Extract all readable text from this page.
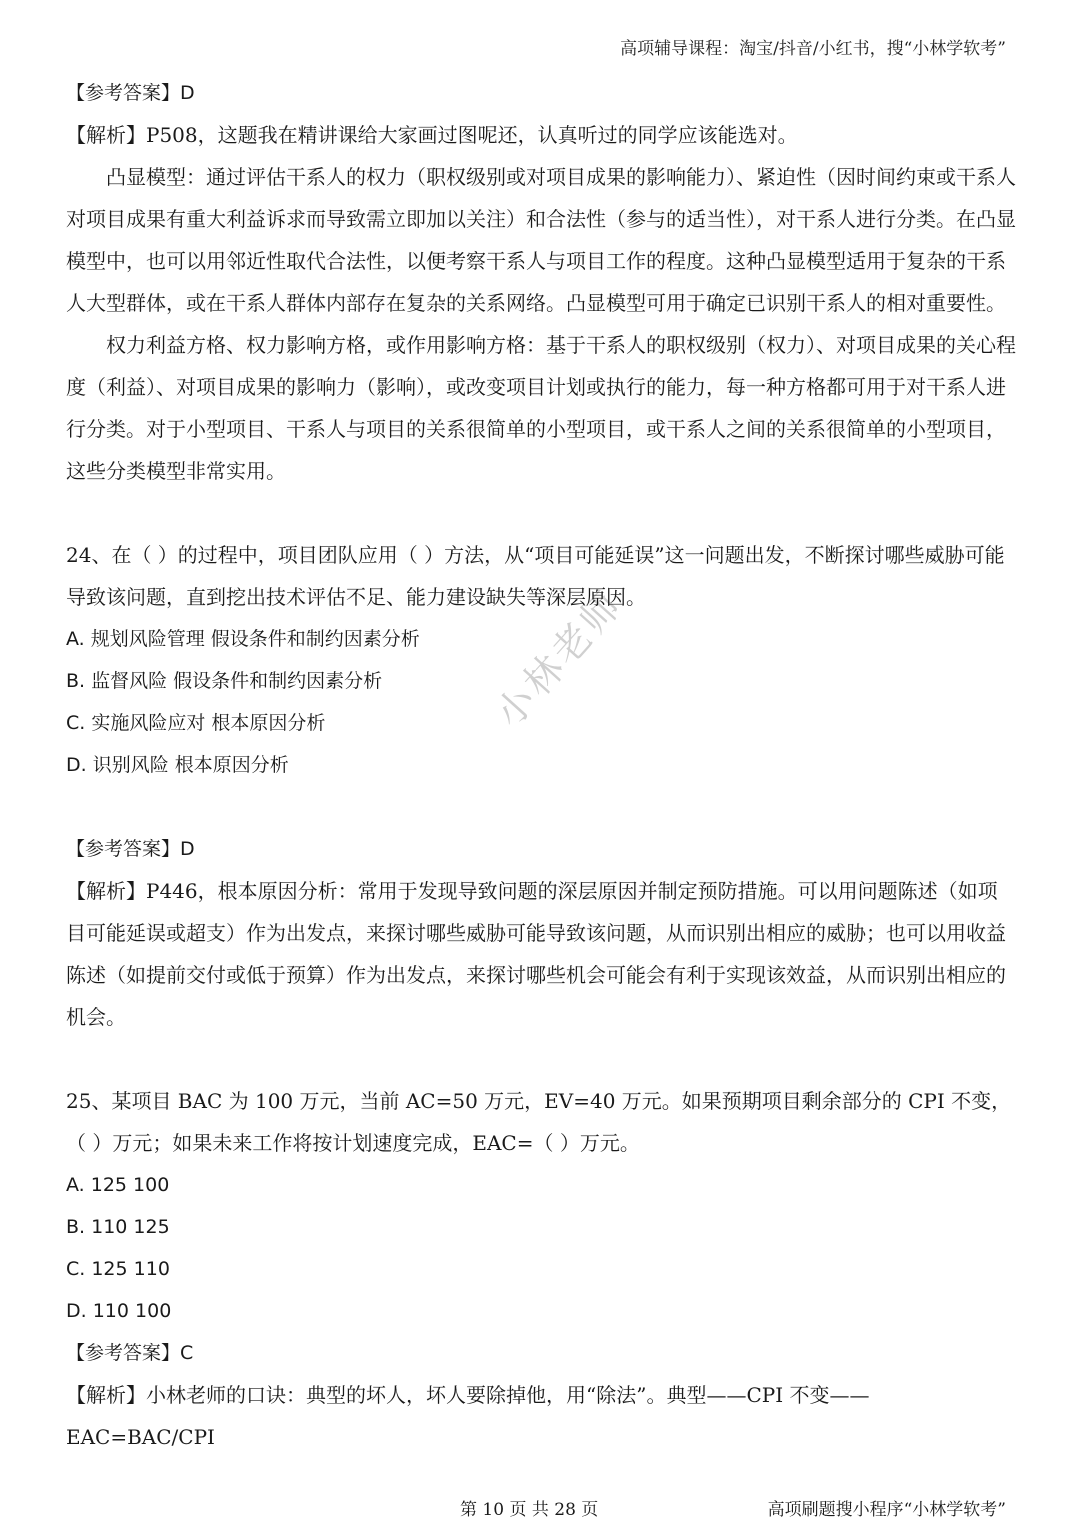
高项辅导课程：淘宝/抖音/小红书，搜“小林学软考”
小林老师

【参考答案】D

【解析】P508，这题我在精讲课给大家画过图呢还，认真听过的同学应该能选对。

凸显模型：通过评估干系人的权力（职权级别或对项目成果的影响能力）、紧迫性（因时间约束或干系人对项目成果有重大利益诉求而导致需立即加以关注）和合法性（参与的适当性），对干系人进行分类。在凸显模型中，也可以用邻近性取代合法性，以便考察干系人与项目工作的程度。这种凸显模型适用于复杂的干系人大型群体，或在干系人群体内部存在复杂的关系网络。凸显模型可用于确定已识别干系人的相对重要性。

权力利益方格、权力影响方格，或作用影响方格：基于干系人的职权级别（权力）、对项目成果的关心程度（利益）、对项目成果的影响力（影响），或改变项目计划或执行的能力，每一种方格都可用于对干系人进行分类。对于小型项目、干系人与项目的关系很简单的小型项目，或干系人之间的关系很简单的小型项目，这些分类模型非常实用。

24、在（ ）的过程中，项目团队应用（ ）方法，从“项目可能延误”这一问题出发，不断探讨哪些威胁可能导致该问题，直到挖出技术评估不足、能力建设缺失等深层原因。

A. 规划风险管理 假设条件和制约因素分析

B. 监督风险 假设条件和制约因素分析

C. 实施风险应对 根本原因分析

D. 识别风险 根本原因分析

【参考答案】D

【解析】P446，根本原因分析：常用于发现导致问题的深层原因并制定预防措施。可以用问题陈述（如项目可能延误或超支）作为出发点，来探讨哪些威胁可能导致该问题，从而识别出相应的威胁；也可以用收益陈述（如提前交付或低于预算）作为出发点，来探讨哪些机会可能会有利于实现该效益，从而识别出相应的机会。

25、某项目 BAC 为 100 万元，当前 AC=50 万元，EV=40 万元。如果预期项目剩余部分的 CPI 不变，（ ）万元；如果未来工作将按计划速度完成，EAC=（ ）万元。

A. 125 100

B. 110 125

C. 125 110

D. 110 100

【参考答案】C

【解析】小林老师的口诀：典型的坏人，坏人要除掉他，用“除法”。典型——CPI 不变——EAC=BAC/CPI

第 10 页 共 28 页	高项刷题搜小程序“小林学软考”
